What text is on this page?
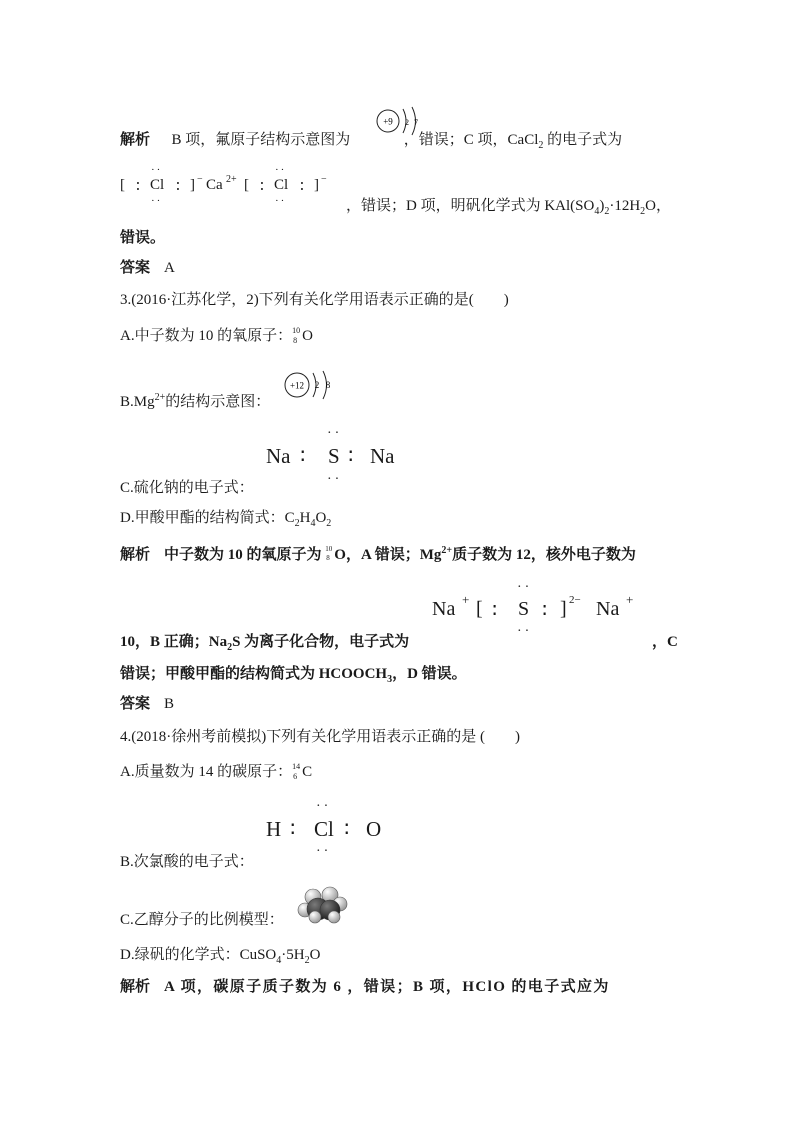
解析 B 项，氟原子结构示意图为	，错误；C 项，CaCl$_2$ 的电子式为
+9 2 7
[ ∶ Cl
··
··
∶ ] − Ca 2+ [ ∶ Cl
··
··
∶ ] −
，错误；D 项，明矾化学式为 $KAl(SO_4)_2\cdot 12H_2O$，
错误。
答案 A
3.(2016·江苏化学，2)下列有关化学用语表示正确的是(　　)
A.中子数为 10 的氧原子： 10
8 O
+12 2 8
$B.Mg^{2+}$的结构示意图：
Na ∶ S
··
··
∶ Na
C.硫化钠的电子式：
D.甲酸甲酯的结构简式：$C_2H_4O_2$
解析 中子数为 10 的氧原子为 10
8 O，A 错误；$Mg^{2+}$质子数为 12，核外电子数为
Na + [ ∶ S
··
··
∶ ] 2− Na +
10，B 正确；$Na_2S$ 为离子化合物，电子式为	，C
错误；甲酸甲酯的结构简式为 $HCOOCH_3$，D 错误。
答案 B
4.(2018·徐州考前模拟)下列有关化学用语表示正确的是 (　　)
A.质量数为 14 的碳原子： 14
6 C
H ∶ Cl
··
··
∶ O
B.次氯酸的电子式：
C.乙醇分子的比例模型：
D.绿矾的化学式：$CuSO_4\cdot 5H_2O$
解析 A 项，碳原子质子数为 6 ，错误；B 项，HClO 的电子式应为
